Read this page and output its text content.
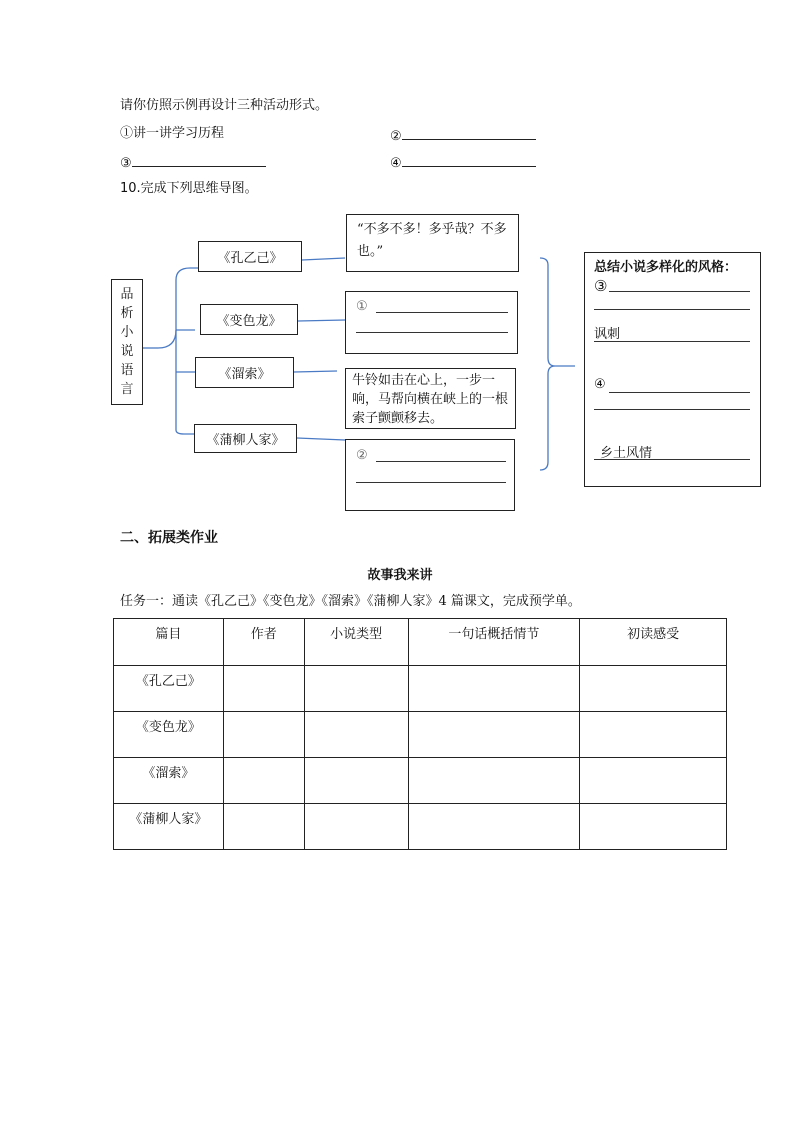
请你仿照示例再设计三种活动形式。
①讲一讲学习历程	②
③	④
10.完成下列思维导图。
品
析
小
说
语
言
《孔乙己》
《变色龙》
《溜索》
《蒲柳人家》
“不多不多！多乎哉？不多也。”
①
牛铃如击在心上，一步一响，马帮向横在峡上的一根索子颤颤移去。
②
总结小说多样化的风格：
③
讽刺
④
乡土风情
二、拓展类作业
故事我来讲
任务一：通读《孔乙己》《变色龙》《溜索》《蒲柳人家》4 篇课文，完成预学单。
篇目	作者	小说类型	一句话概括情节	初读感受
《孔乙己》				
《变色龙》				
《溜索》				
《蒲柳人家》				
